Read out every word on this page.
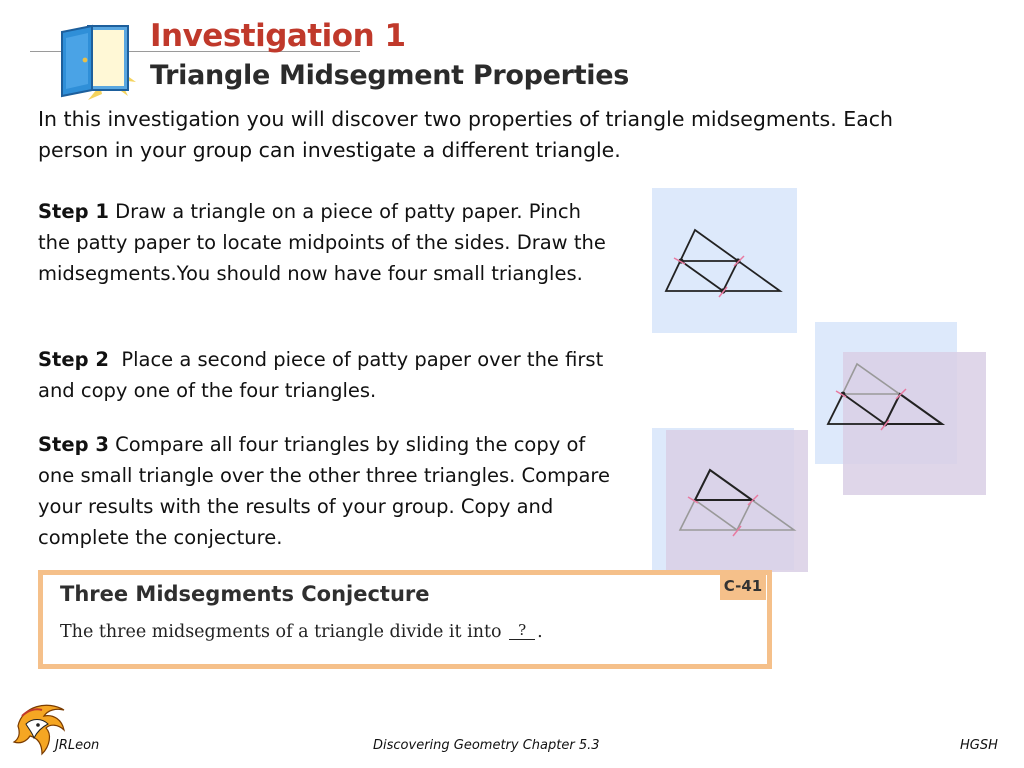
Investigation 1
Triangle Midsegment Properties
In this investigation you will discover two properties of triangle midsegments. Each person in your group can investigate a different triangle.
Step 1 Draw a triangle on a piece of patty paper. Pinch the patty paper to locate midpoints of the sides. Draw the midsegments.You should now have four small triangles.
Step 2 Place a second piece of patty paper over the first and copy one of the four triangles.
Step 3 Compare all four triangles by sliding the copy of one small triangle over the other three triangles. Compare your results with the results of your group. Copy and complete the conjecture.
C-41
Three Midsegments Conjecture
The three midsegments of a triangle divide it into ? .
JRLeon	Discovering Geometry Chapter 5.3	HGSH
